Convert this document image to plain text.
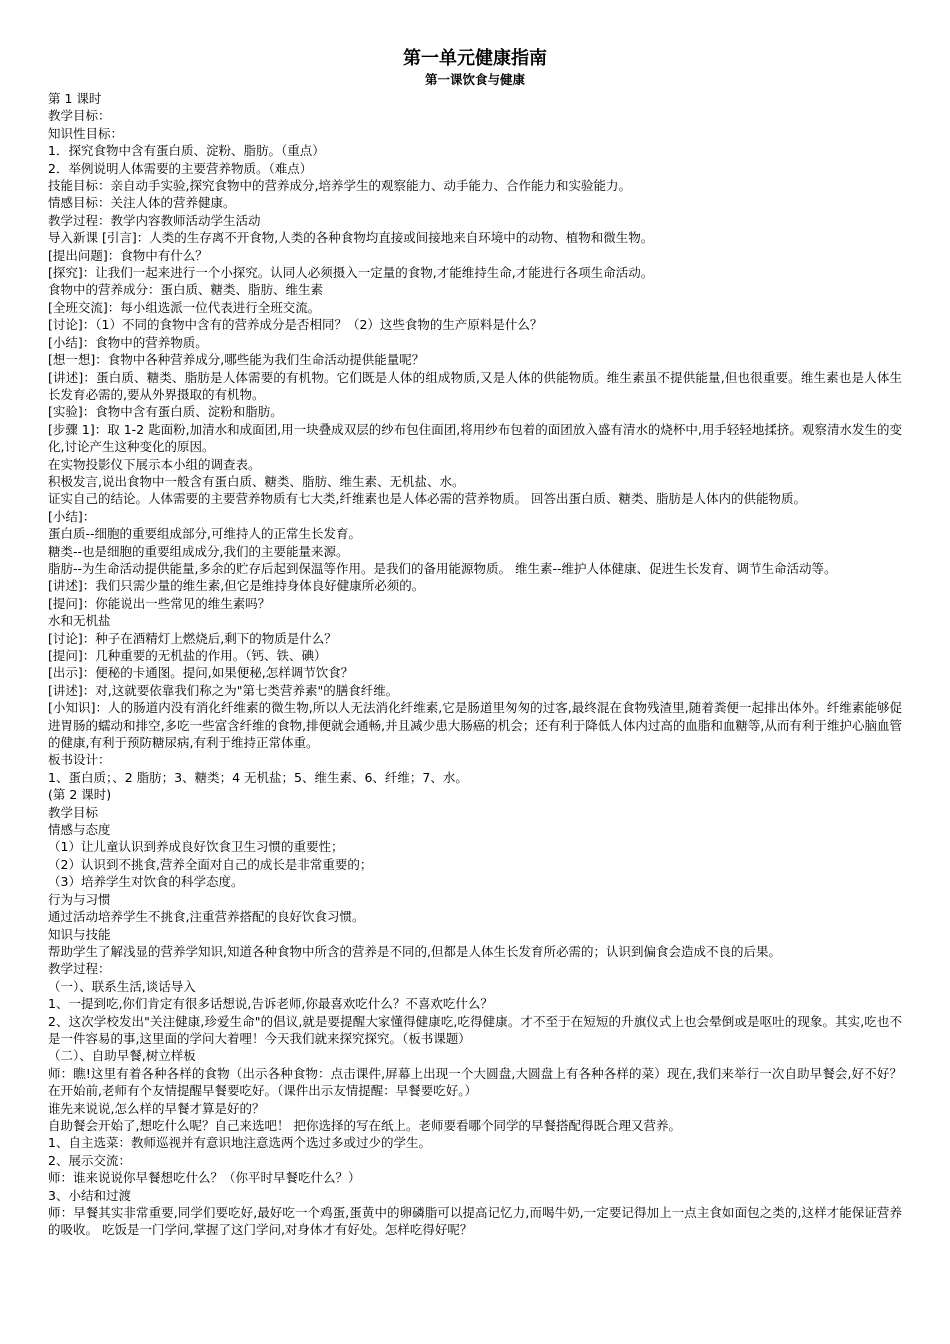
第一单元健康指南
第一课饮食与健康

第 1 课时

教学目标：

知识性目标：

1．探究食物中含有蛋白质、淀粉、脂肪。（重点）

2．举例说明人体需要的主要营养物质。（难点）

技能目标：亲自动手实验,探究食物中的营养成分,培养学生的观察能力、动手能力、合作能力和实验能力。

情感目标：关注人体的营养健康。

教学过程：教学内容教师活动学生活动

导入新课 [引言]：人类的生存离不开食物,人类的各种食物均直接或间接地来自环境中的动物、植物和微生物。

[提出问题]：食物中有什么？

[探究]：让我们一起来进行一个小探究。认同人必须摄入一定量的食物,才能维持生命,才能进行各项生命活动。

食物中的营养成分：蛋白质、糖类、脂肪、维生素

[全班交流]：每小组选派一位代表进行全班交流。

[讨论]：（1）不同的食物中含有的营养成分是否相同？（2）这些食物的生产原料是什么？

[小结]：食物中的营养物质。

[想一想]：食物中各种营养成分,哪些能为我们生命活动提供能量呢？

[讲述]：蛋白质、糖类、脂肪是人体需要的有机物。它们既是人体的组成物质,又是人体的供能物质。维生素虽不提供能量,但也很重要。维生素也是人体生长发育必需的,要从外界摄取的有机物。

[实验]：食物中含有蛋白质、淀粉和脂肪。

[步骤 1]：取 1-2 匙面粉,加清水和成面团,用一块叠成双层的纱布包住面团,将用纱布包着的面团放入盛有清水的烧杯中,用手轻轻地揉挤。观察清水发生的变化,讨论产生这种变化的原因。

在实物投影仪下展示本小组的调查表。

积极发言,说出食物中一般含有蛋白质、糖类、脂肪、维生素、无机盐、水。

证实自己的结论。人体需要的主要营养物质有七大类,纤维素也是人体必需的营养物质。 回答出蛋白质、糖类、脂肪是人体内的供能物质。

[小结]：

蛋白质--细胞的重要组成部分,可维持人的正常生长发育。

糖类--也是细胞的重要组成成分,我们的主要能量来源。

脂肪--为生命活动提供能量,多余的贮存后起到保温等作用。是我们的备用能源物质。 维生素--维护人体健康、促进生长发育、调节生命活动等。

[讲述]：我们只需少量的维生素,但它是维持身体良好健康所必须的。

[提问]：你能说出一些常见的维生素吗？

水和无机盐

[讨论]：种子在酒精灯上燃烧后,剩下的物质是什么？

[提问]：几种重要的无机盐的作用。（钙、铁、碘）

[出示]：便秘的卡通图。提问,如果便秘,怎样调节饮食？

[讲述]：对,这就要依靠我们称之为"第七类营养素"的膳食纤维。

[小知识]：人的肠道内没有消化纤维素的微生物,所以人无法消化纤维素,它是肠道里匆匆的过客,最终混在食物残渣里,随着粪便一起排出体外。纤维素能够促进胃肠的蠕动和排空,多吃一些富含纤维的食物,排便就会通畅,并且减少患大肠癌的机会；还有利于降低人体内过高的血脂和血糖等,从而有利于维护心脑血管的健康,有利于预防糖尿病,有利于维持正常体重。

板书设计：

1、蛋白质；、2 脂肪；3、糖类；4 无机盐；5、维生素、6、纤维；7、水。

(第 2 课时)

教学目标

情感与态度

（1）让儿童认识到养成良好饮食卫生习惯的重要性；

（2）认识到不挑食,营养全面对自己的成长是非常重要的；

（3）培养学生对饮食的科学态度。

行为与习惯

通过活动培养学生不挑食,注重营养搭配的良好饮食习惯。

知识与技能

帮助学生了解浅显的营养学知识,知道各种食物中所含的营养是不同的,但都是人体生长发育所必需的；认识到偏食会造成不良的后果。

教学过程：

（一）、联系生活,谈话导入

1、一提到吃,你们肯定有很多话想说,告诉老师,你最喜欢吃什么？不喜欢吃什么？

2、这次学校发出"关注健康,珍爱生命"的倡议,就是要提醒大家懂得健康吃,吃得健康。才不至于在短短的升旗仪式上也会晕倒或是呕吐的现象。其实,吃也不是一件容易的事,这里面的学问大着哩！今天我们就来探究探究。（板书课题）

（二）、自助早餐,树立样板

师：瞧!这里有着各种各样的食物（出示各种食物：点击课件,屏幕上出现一个大圆盘,大圆盘上有各种各样的菜）现在,我们来举行一次自助早餐会,好不好？在开始前,老师有个友情提醒早餐要吃好。（课件出示友情提醒：早餐要吃好。）

谁先来说说,怎么样的早餐才算是好的？

自助餐会开始了,想吃什么呢？自己来选吧！ 把你选择的写在纸上。老师要看哪个同学的早餐搭配得既合理又营养。

1、自主选菜：教师巡视并有意识地注意选两个选过多或过少的学生。

2、展示交流：

师：谁来说说你早餐想吃什么？（你平时早餐吃什么？）

3、小结和过渡

师：早餐其实非常重要,同学们要吃好,最好吃一个鸡蛋,蛋黄中的卵磷脂可以提高记忆力,而喝牛奶,一定要记得加上一点主食如面包之类的,这样才能保证营养的吸收。 吃饭是一门学问,掌握了这门学问,对身体才有好处。怎样吃得好呢？
